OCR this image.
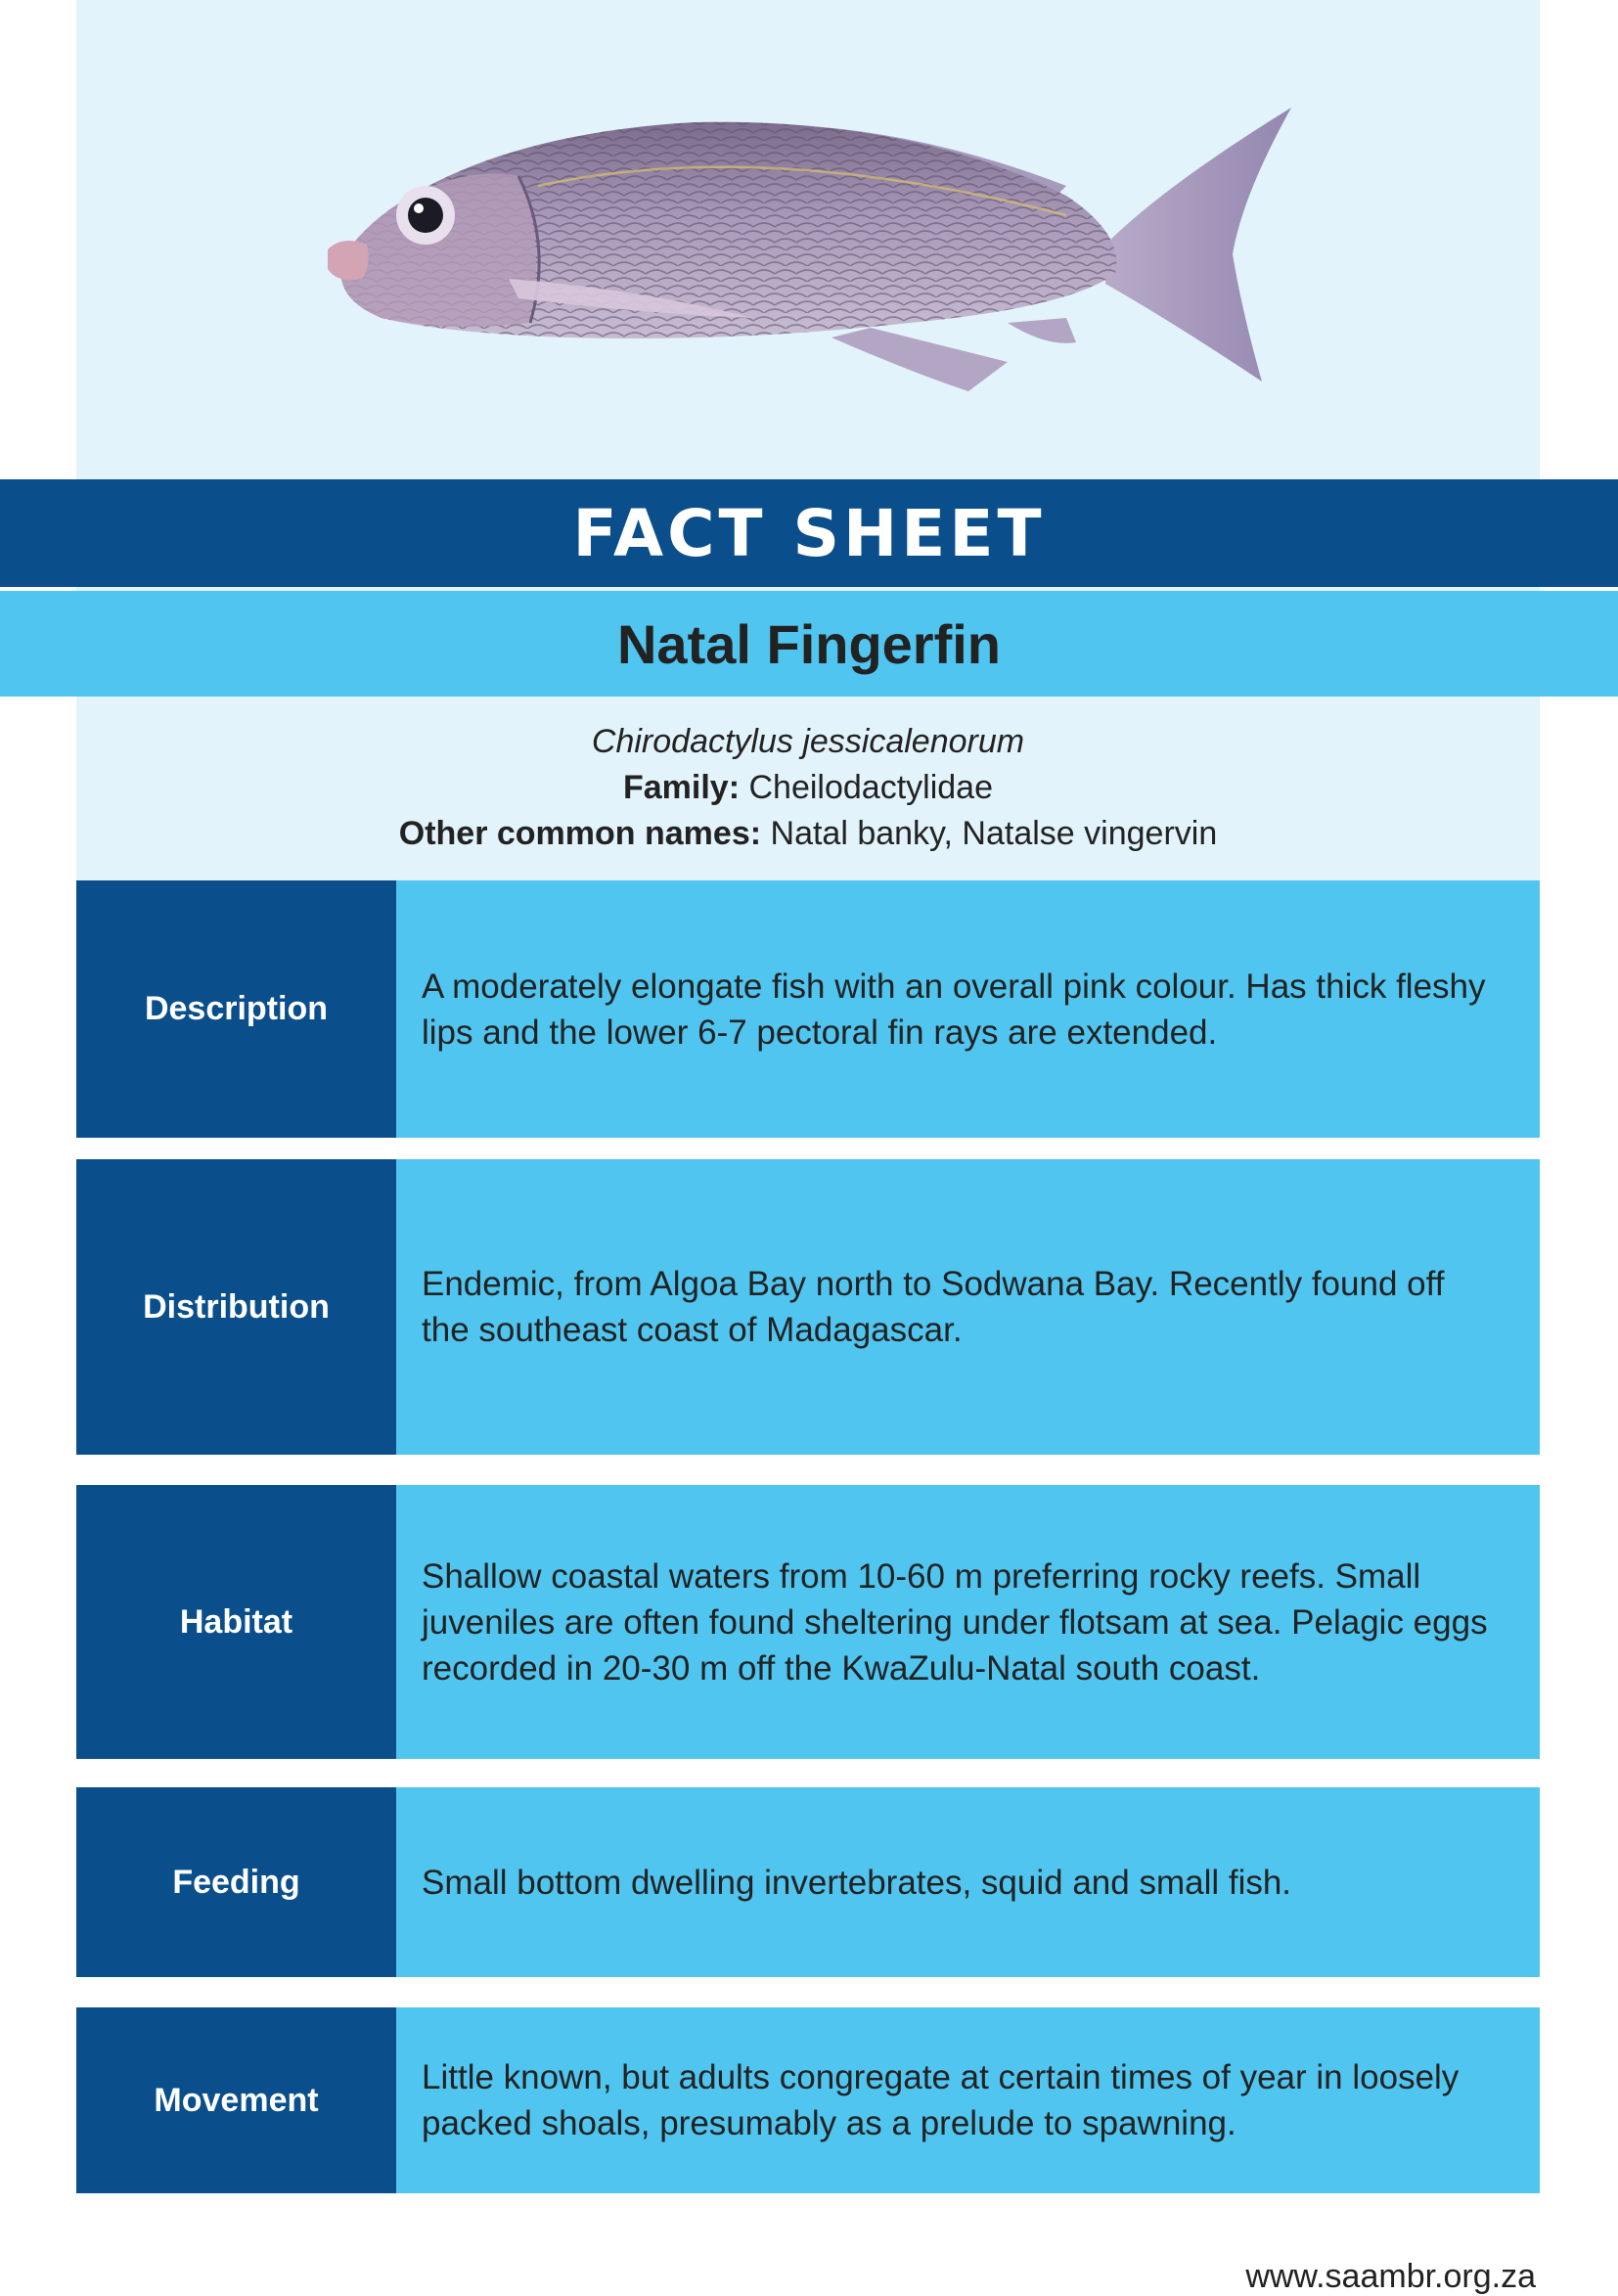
FACT SHEET
Natal Fingerfin
Chirodactylus jessicalenorum
Family: Cheilodactylidae
Other common names: Natal banky, Natalse vingervin
Description
A moderately elongate fish with an overall pink colour. Has thick fleshy lips and the lower 6-7 pectoral fin rays are extended.
Distribution
Endemic, from Algoa Bay north to Sodwana Bay. Recently found off the southeast coast of Madagascar.
Habitat
Shallow coastal waters from 10-60 m preferring rocky reefs. Small juveniles are often found sheltering under flotsam at sea. Pelagic eggs recorded in 20-30 m off the KwaZulu-Natal south coast.
Feeding	Small bottom dwelling invertebrates, squid and small fish.
Movement
Little known, but adults congregate at certain times of year in loosely packed shoals, presumably as a prelude to spawning.
www.saambr.org.za
